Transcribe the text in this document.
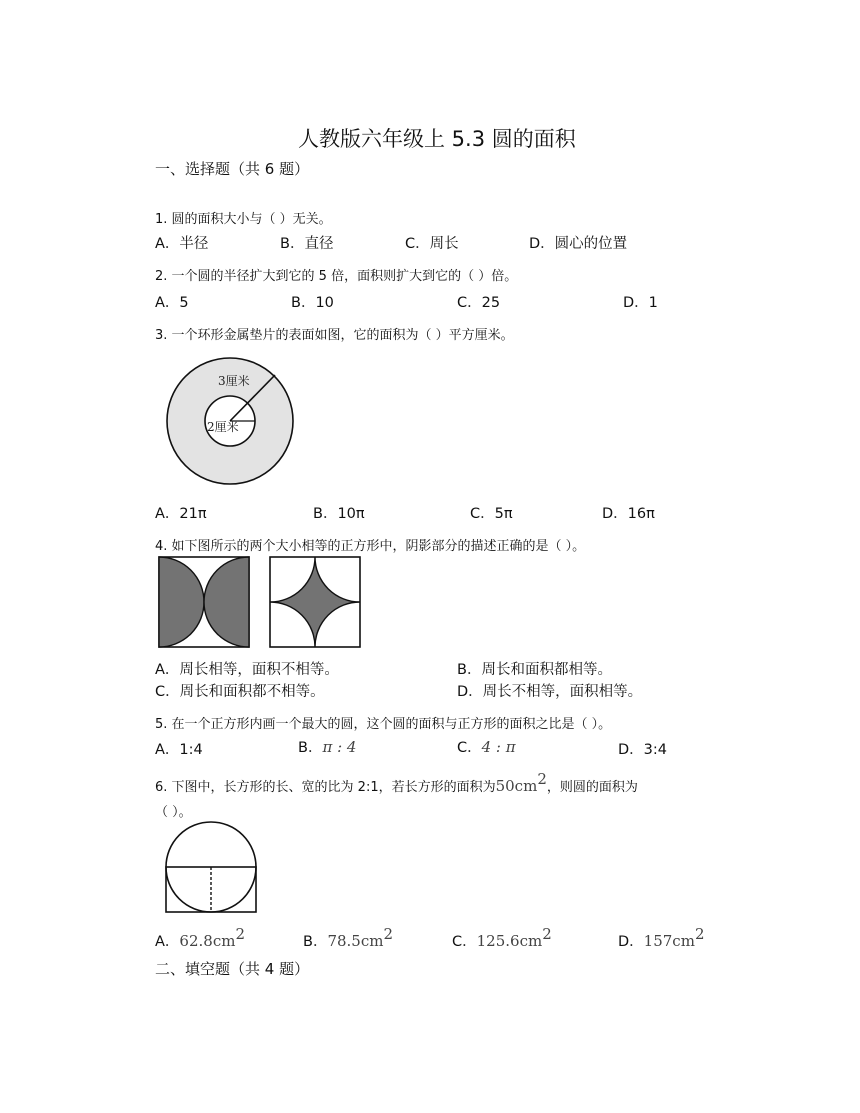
人教版六年级上 5.3 圆的面积
一、选择题（共 6 题）
1. 圆的面积大小与（ ）无关。
A．半径	B．直径	C．周长	D．圆心的位置
2. 一个圆的半径扩大到它的 5 倍，面积则扩大到它的（ ）倍。
A．5	B．10	C．25	D．1
3. 一个环形金属垫片的表面如图，它的面积为（ ）平方厘米。
3厘米
2厘米
A．21π	B．10π	C．5π	D．16π
4. 如下图所示的两个大小相等的正方形中，阴影部分的描述正确的是（ ）。
A．周长相等，面积不相等。	B．周长和面积都相等。
C．周长和面积都不相等。	D．周长不相等，面积相等。
5. 在一个正方形内画一个最大的圆，这个圆的面积与正方形的面积之比是（ ）。
A．1:4	B．π : 4	C．4 : π	D．3:4
6. 下图中，长方形的长、宽的比为 2:1，若长方形的面积为$50cm^2$，则圆的面积为
（ ）。
A．$62.8cm^2$	B．$78.5cm^2$	C．$125.6cm^2$	D．$157cm^2$
二、填空题（共 4 题）
